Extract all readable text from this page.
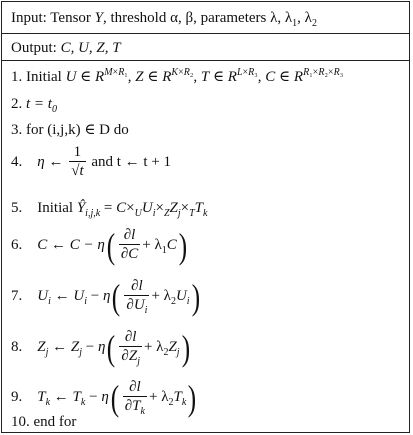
Input: Tensor Y, threshold α, β, parameters λ, $\lambda_1$, $\lambda_2$
Output: C, U, Z, T
1. Initial U ∈ $R^{M\times R_1}$, Z ∈ $R^{K\times R_2}$, T ∈ $R^{L\times R_3}$, C ∈ $R^{R_1\times R_2\times R_3}$
2. $t = t_0$
3. for (i,j,k) ∈ D do
4. η ← $\frac{1}{√t}$ and t ← t + 1
5. Initial $Ŷ_{i,j,k} = C\times_UU_i\times_ZZ_j\times_TT_k$
6. C ← $C - \eta( \frac{\partial l}{\partial C} + \lambda_1C)$
7. $U_i$ ← $U_i - \eta( \frac{\partial l}{\partial U_i} + \lambda_2U_i)$
8. $Z_j$ ← $Z_j - \eta( \frac{\partial l}{\partial Z_j} + \lambda_2Z_j)$
9. $T_k$ ← $T_k - \eta( \frac{\partial l}{\partial T_k} + \lambda_2T_k)$
10. end for
